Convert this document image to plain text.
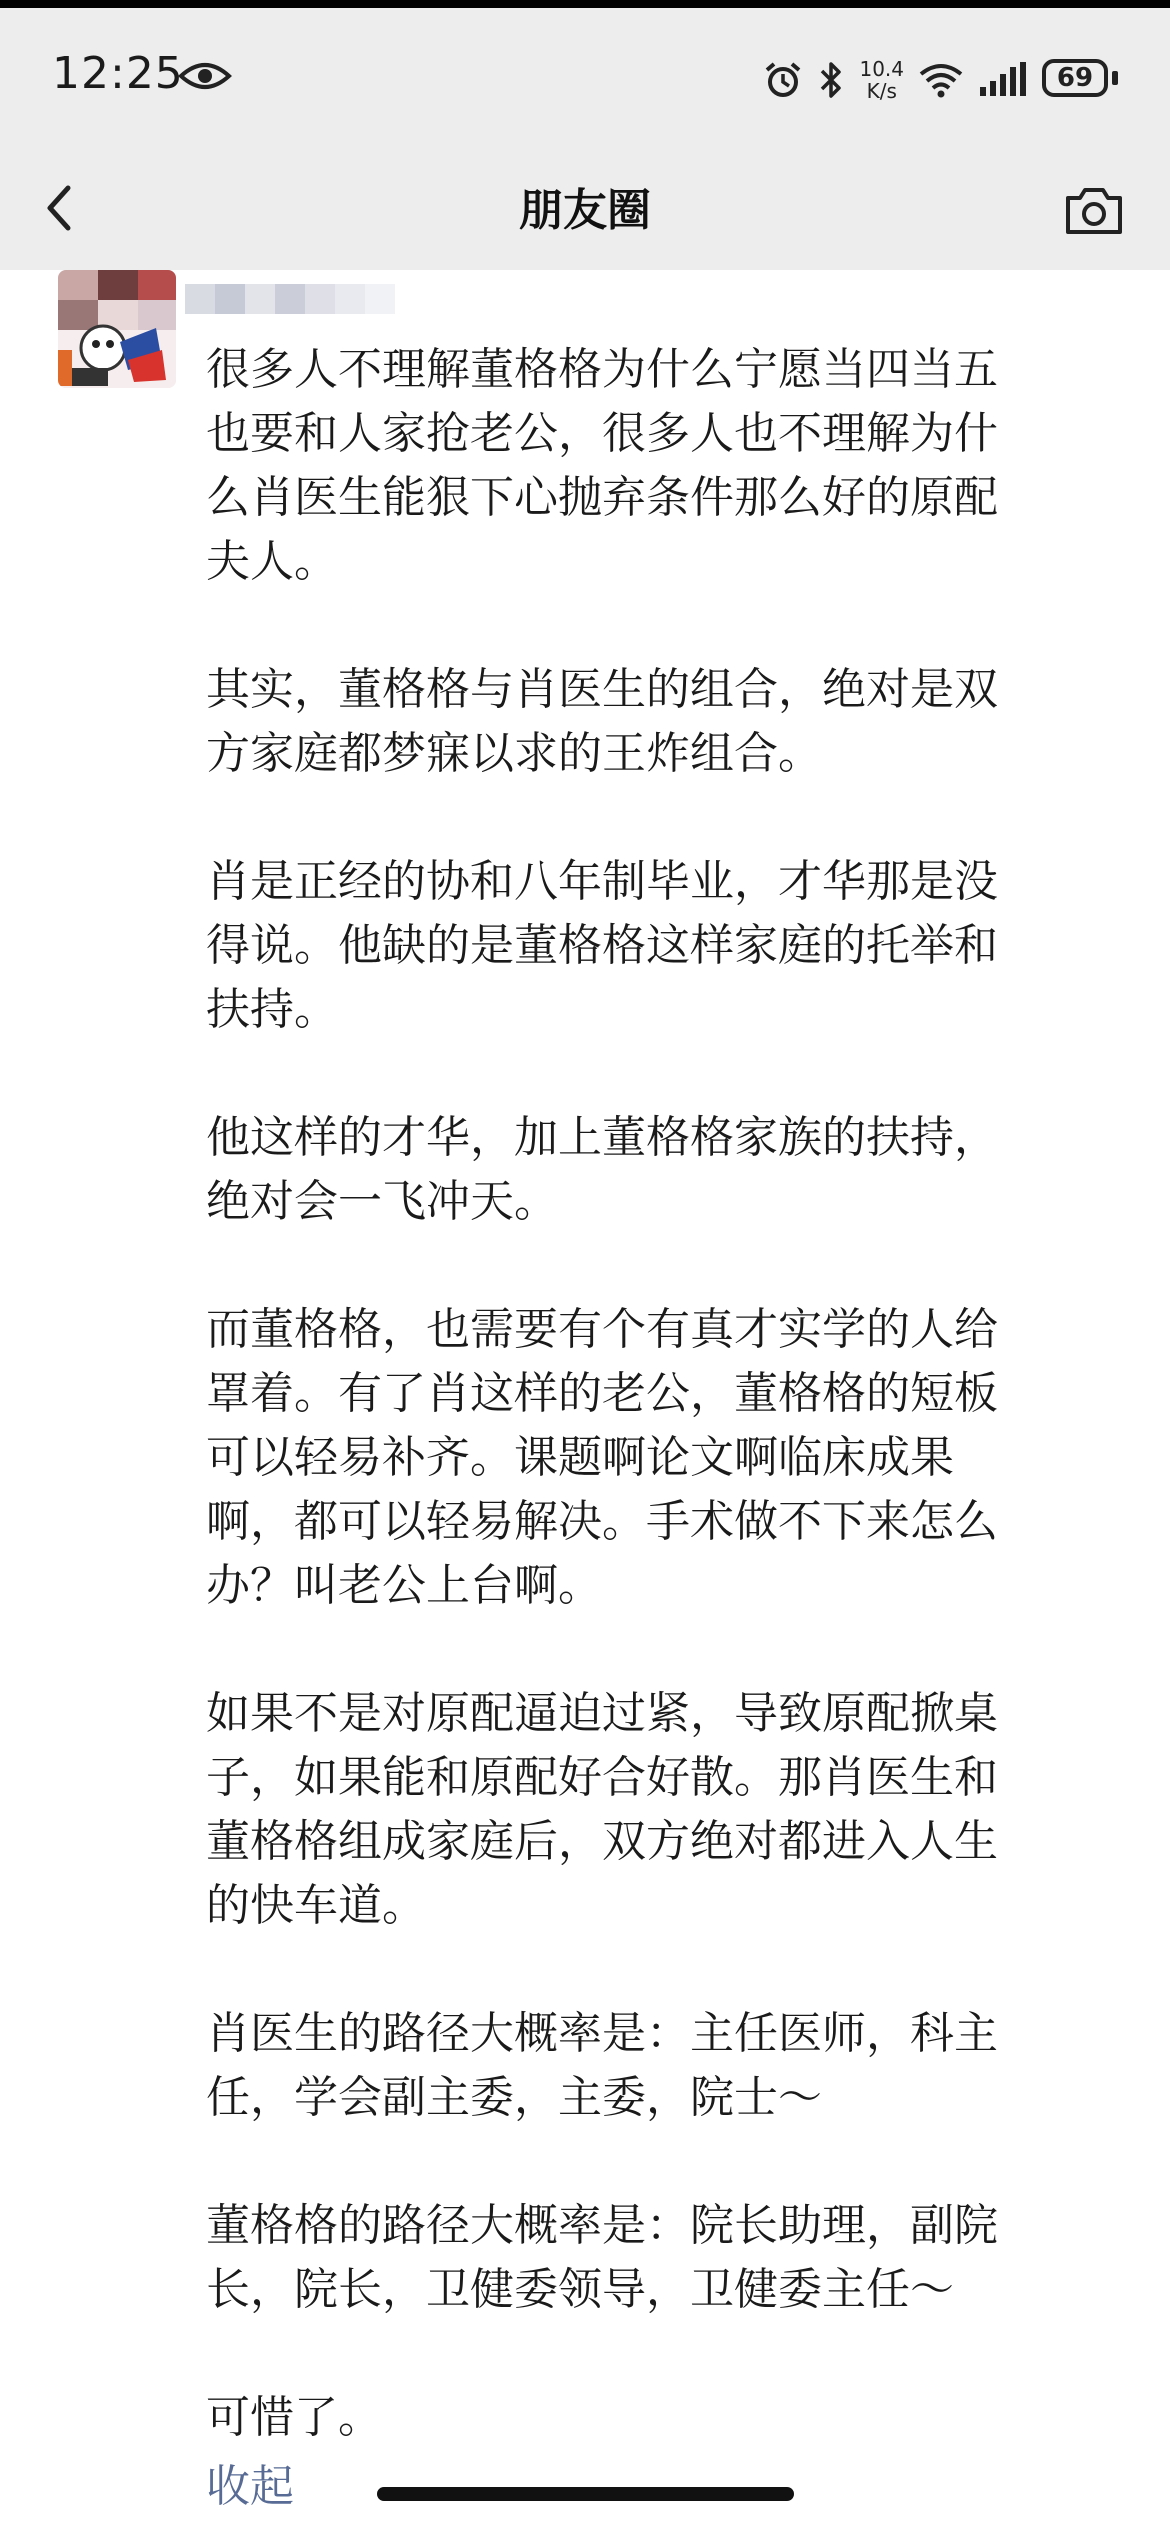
12:25	10.4
K/s	69
朋友圈

很多人不理解董格格为什么宁愿当四当五
也要和人家抢老公，很多人也不理解为什
么肖医生能狠下心抛弃条件那么好的原配
夫人。

其实，董格格与肖医生的组合，绝对是双
方家庭都梦寐以求的王炸组合。

肖是正经的协和八年制毕业，才华那是没
得说。他缺的是董格格这样家庭的托举和
扶持。

他这样的才华，加上董格格家族的扶持，
绝对会一飞冲天。

而董格格，也需要有个有真才实学的人给
罩着。有了肖这样的老公，董格格的短板
可以轻易补齐。课题啊论文啊临床成果
啊，都可以轻易解决。手术做不下来怎么
办？叫老公上台啊。

如果不是对原配逼迫过紧，导致原配掀桌
子，如果能和原配好合好散。那肖医生和
董格格组成家庭后，双方绝对都进入人生
的快车道。

肖医生的路径大概率是：主任医师，科主
任，学会副主委，主委，院士～

董格格的路径大概率是：院长助理，副院
长，院长，卫健委领导，卫健委主任～

可惜了。

收起
